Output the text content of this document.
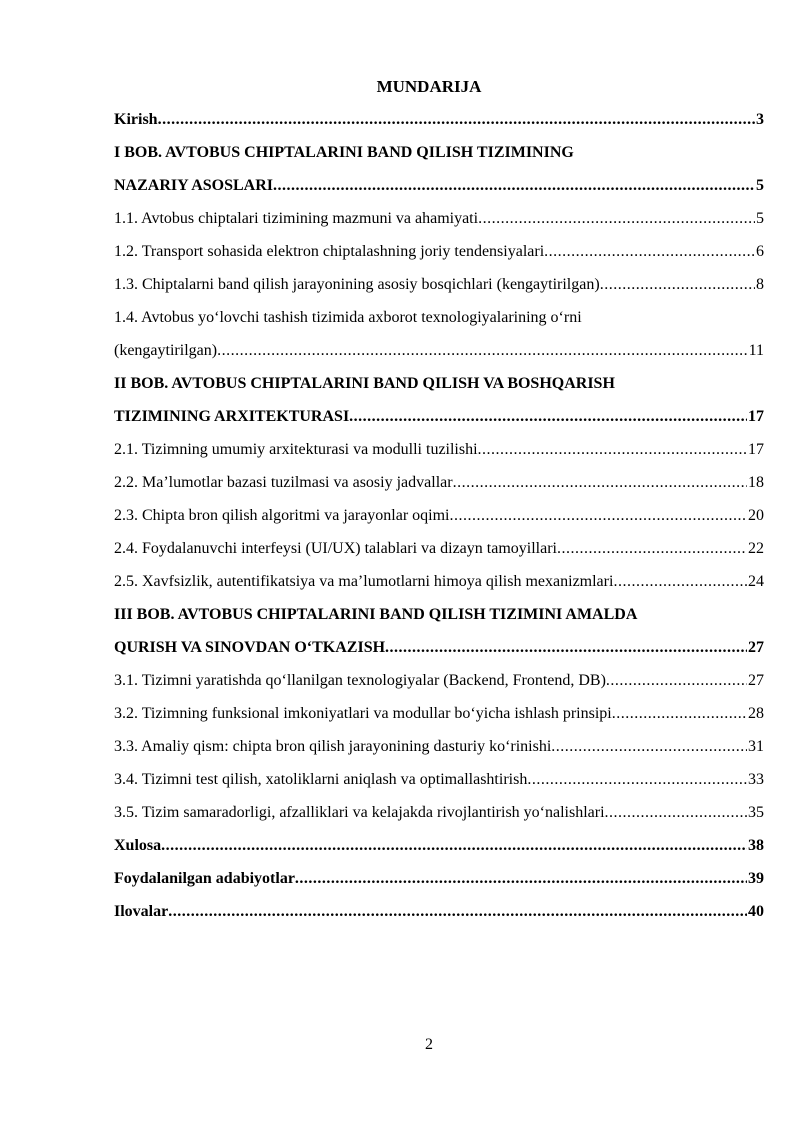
MUNDARIJA
Kirish .....	3
I BOB. AVTOBUS CHIPTALARINI BAND QILISH TIZIMINING
NAZARIY ASOSLARI .....	5
1.1. Avtobus chiptalari tizimining mazmuni va ahamiyati .....	5
1.2. Transport sohasida elektron chiptalashning joriy tendensiyalari .....	6
1.3. Chiptalarni band qilish jarayonining asosiy bosqichlari (kengaytirilgan) .....	8
1.4. Avtobus yo‘lovchi tashish tizimida axborot texnologiyalarining o‘rni
(kengaytirilgan) .....	11
II BOB. AVTOBUS CHIPTALARINI BAND QILISH VA BOSHQARISH
TIZIMINING ARXITEKTURASI .....	17
2.1. Tizimning umumiy arxitekturasi va modulli tuzilishi .....	17
2.2. Ma’lumotlar bazasi tuzilmasi va asosiy jadvallar .....	18
2.3. Chipta bron qilish algoritmi va jarayonlar oqimi .....	20
2.4. Foydalanuvchi interfeysi (UI/UX) talablari va dizayn tamoyillari .....	22
2.5. Xavfsizlik, autentifikatsiya va ma’lumotlarni himoya qilish mexanizmlari .....	24
III BOB. AVTOBUS CHIPTALARINI BAND QILISH TIZIMINI AMALDA
QURISH VA SINOVDAN O‘TKAZISH .....	27
3.1. Tizimni yaratishda qo‘llanilgan texnologiyalar (Backend, Frontend, DB) .....	27
3.2. Tizimning funksional imkoniyatlari va modullar bo‘yicha ishlash prinsipi .....	28
3.3. Amaliy qism: chipta bron qilish jarayonining dasturiy ko‘rinishi .....	31
3.4. Tizimni test qilish, xatoliklarni aniqlash va optimallashtirish .....	33
3.5. Tizim samaradorligi, afzalliklari va kelajakda rivojlantirish yo‘nalishlari .....	35
Xulosa .....	38
Foydalanilgan adabiyotlar .....	39
Ilovalar .....	40
2
